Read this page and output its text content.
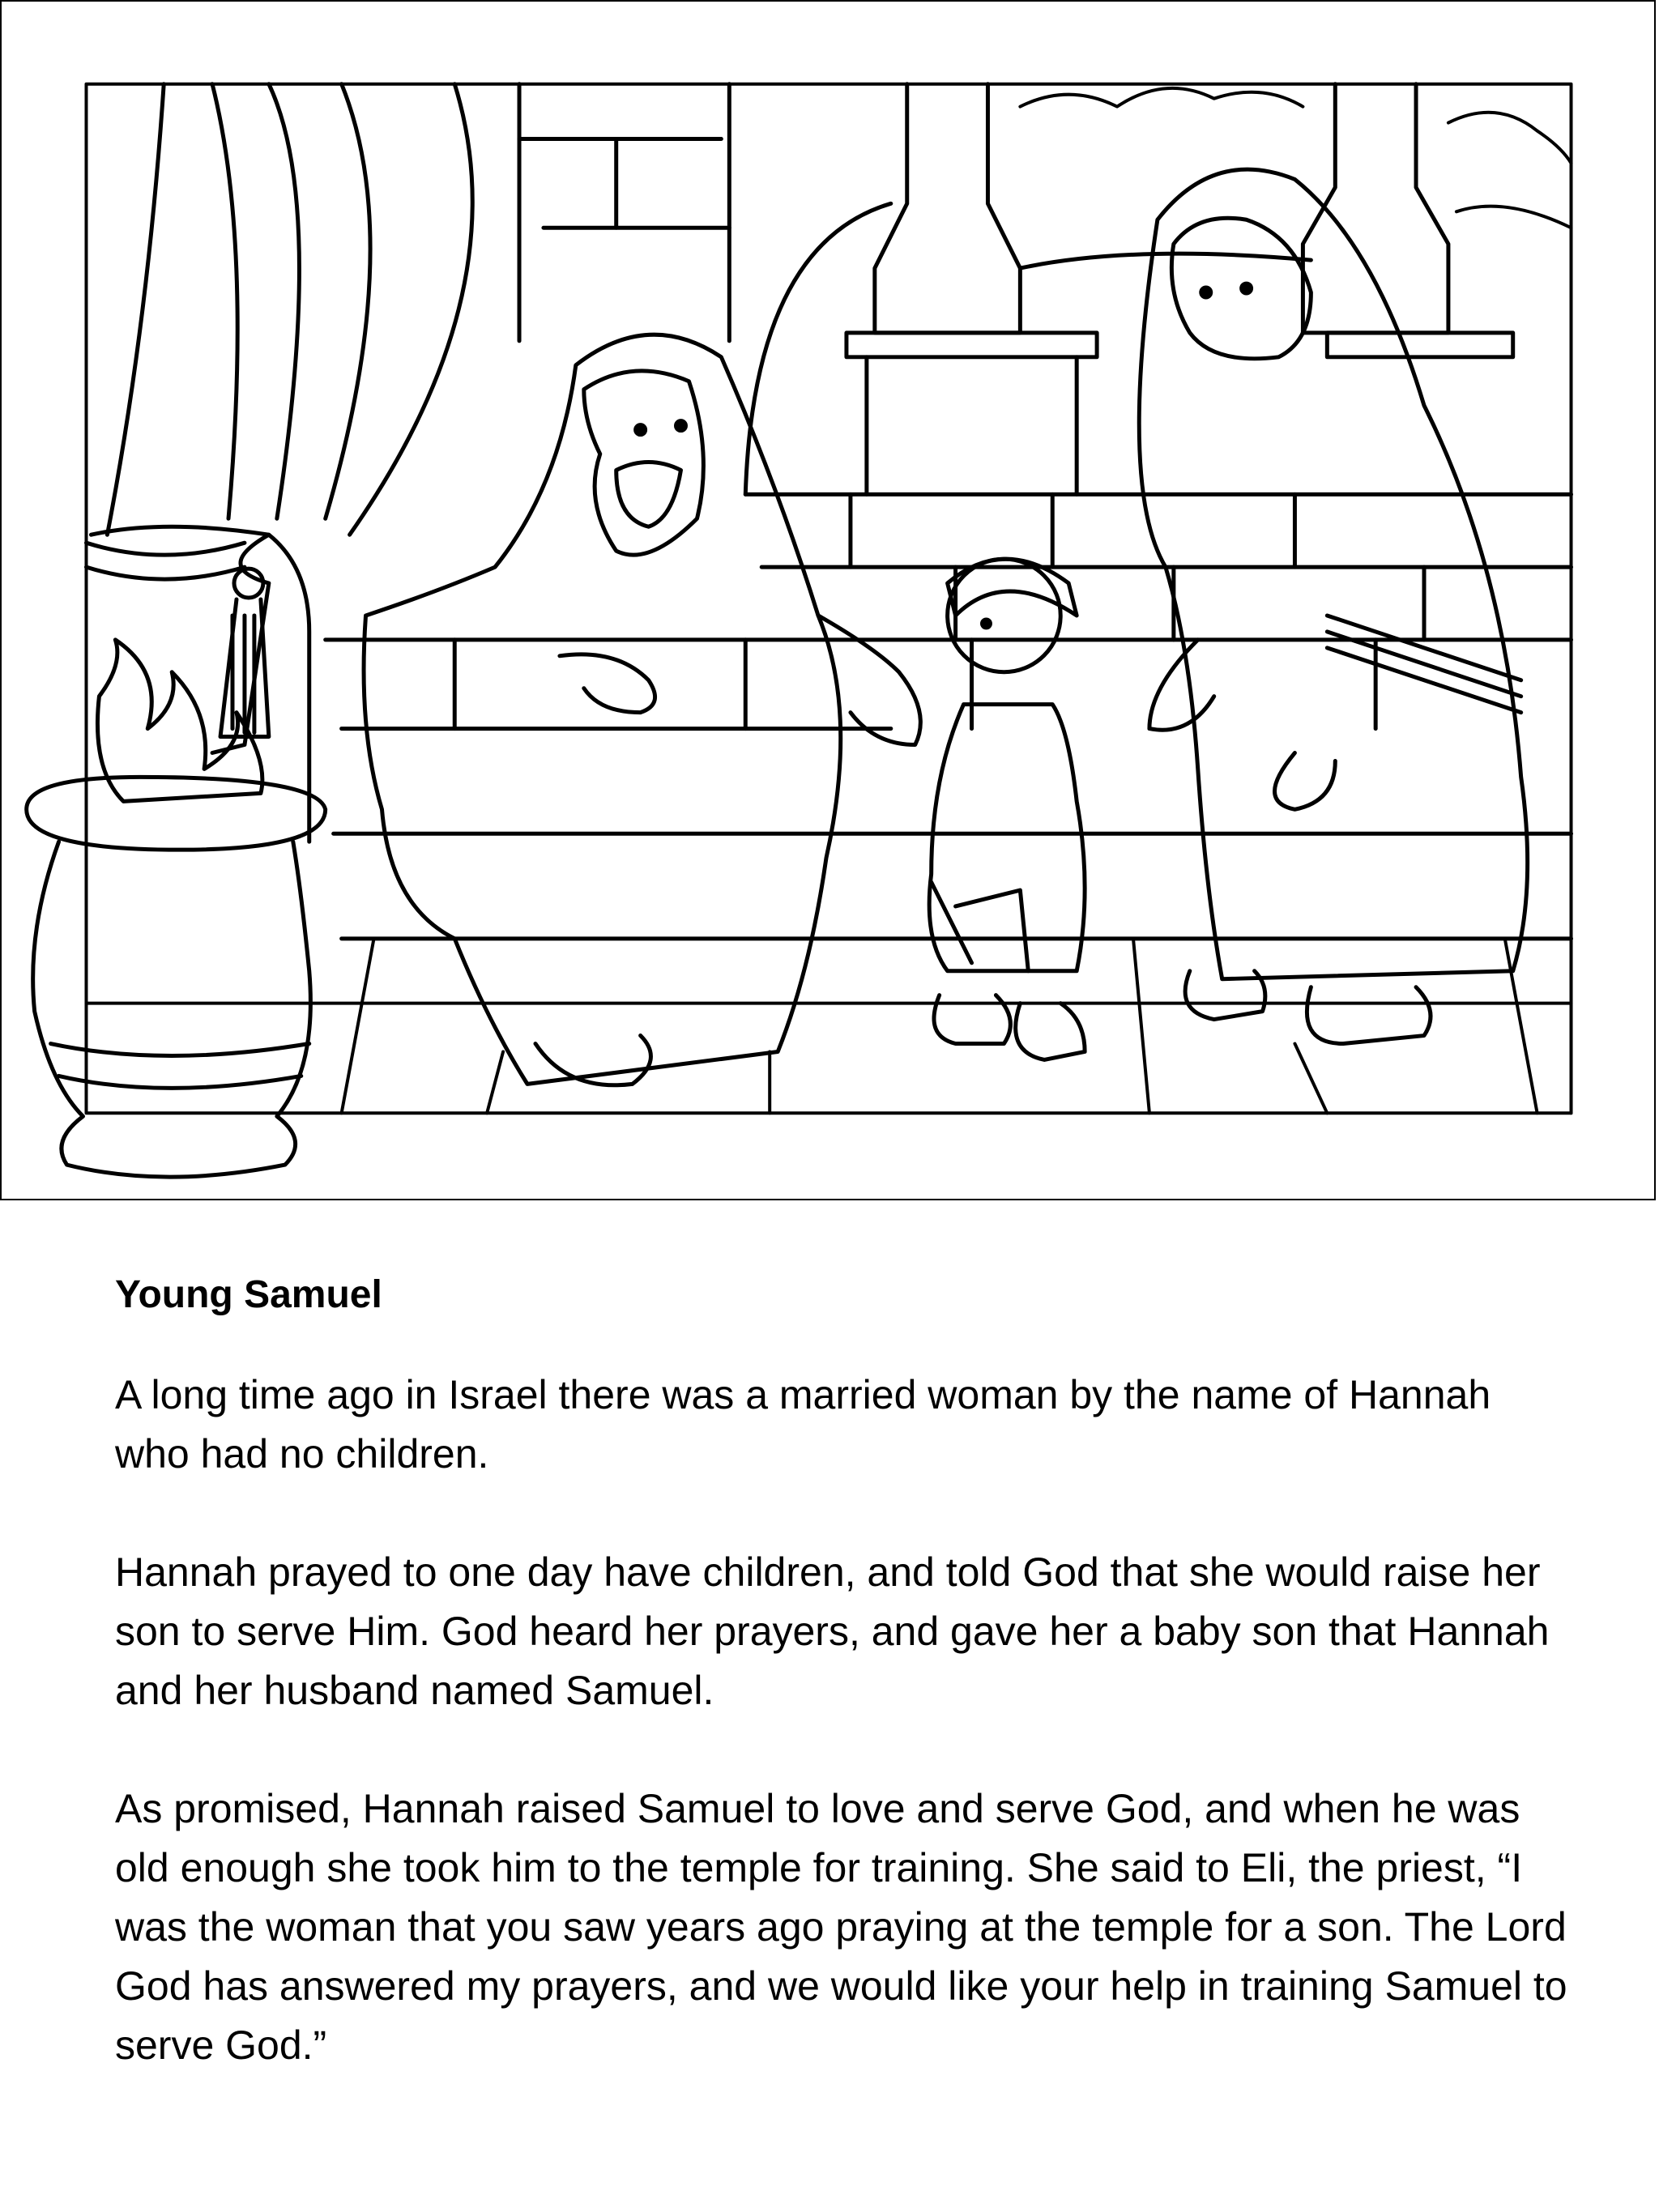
Young Samuel

A long time ago in Israel there was a married woman by the name of Hannah who had no children.

Hannah prayed to one day have children, and told God that she would raise her son to serve Him. God heard her prayers, and gave her a baby son that Hannah and her husband named Samuel.

As promised, Hannah raised Samuel to love and serve God, and when he was old enough she took him to the temple for training. She said to Eli, the priest, “I was the woman that you saw years ago praying at the temple for a son. The Lord God has answered my prayers, and we would like your help in training Samuel to serve God.”
